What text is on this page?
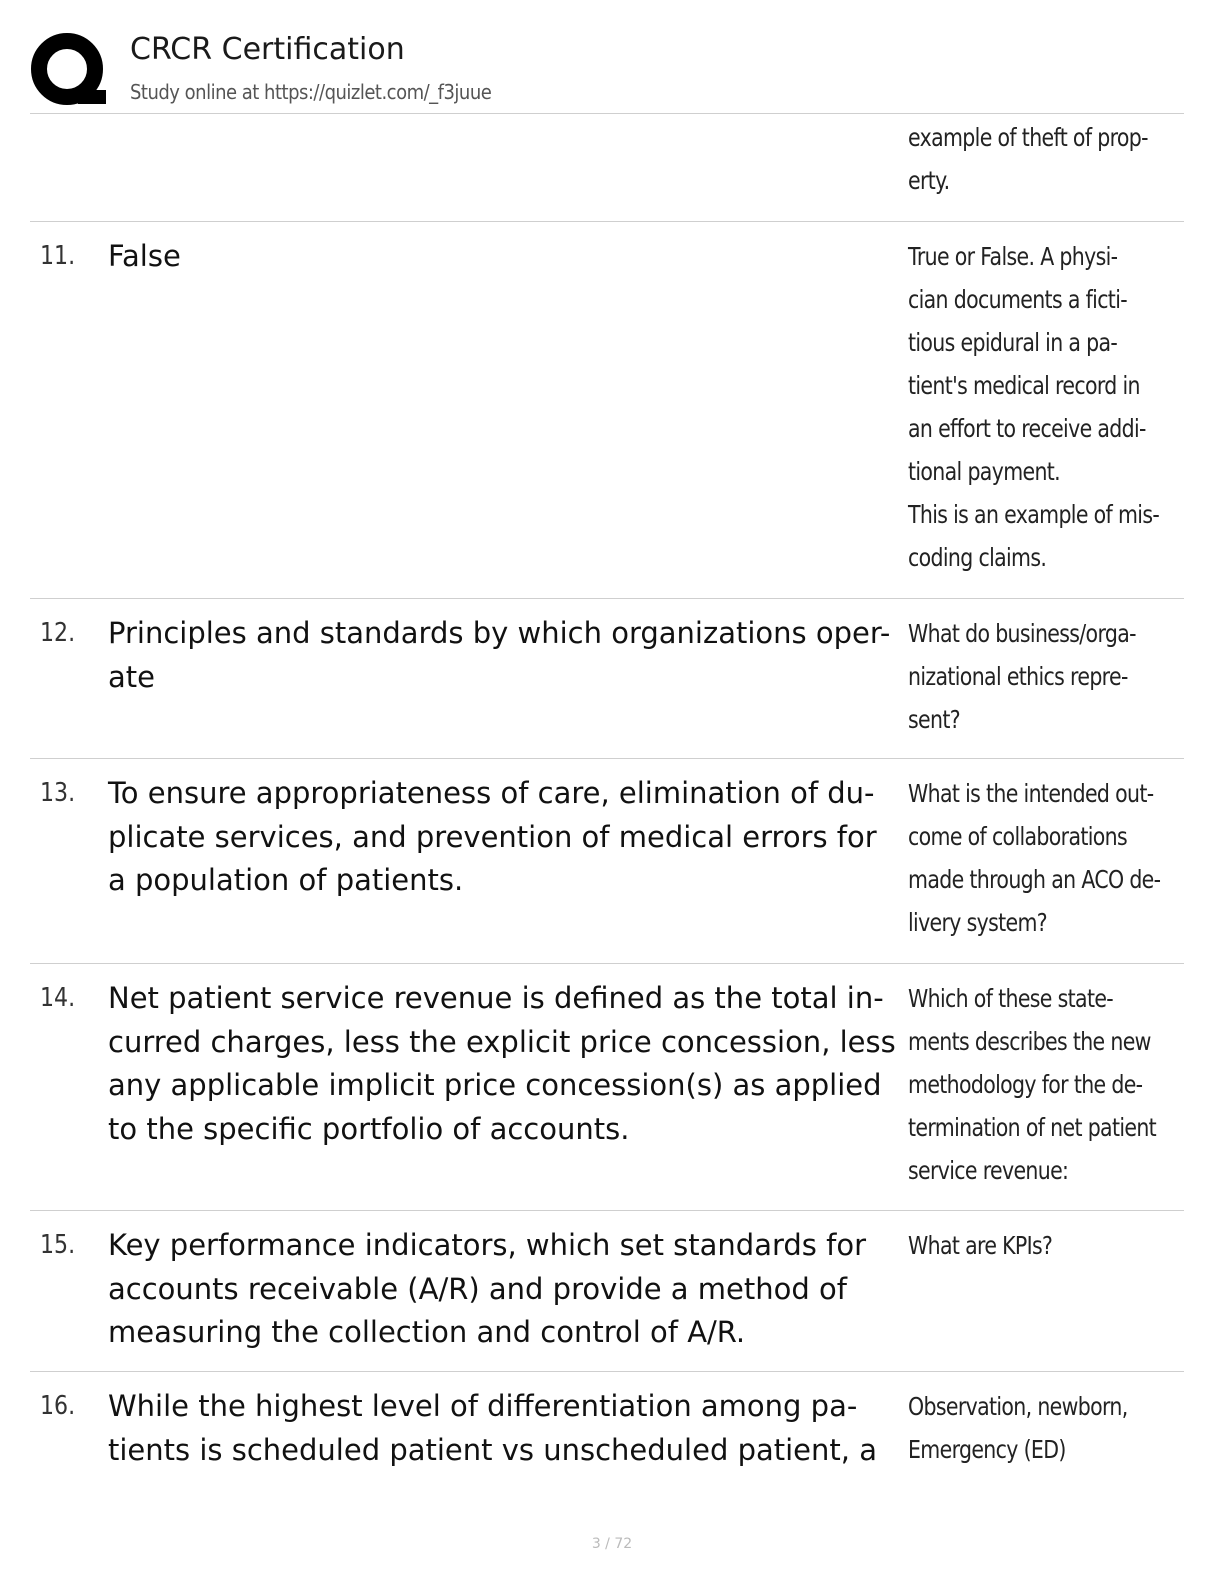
CRCR Certification
Study online at https://quizlet.com/_f3juue
example of theft of prop-
erty.
11. False	True or False. A physi-
cian documents a ficti-
tious epidural in a pa-
tient's medical record in
an effort to receive addi-
tional payment.
This is an example of mis-
coding claims.
12. Principles and standards by which organizations oper- ate
What do business/orga-
nizational ethics repre-
sent?
13. To ensure appropriateness of care, elimination of du- plicate services, and prevention of medical errors for a population of patients.
What is the intended out-
come of collaborations
made through an ACO de-
livery system?
14. Net patient service revenue is defined as the total in- curred charges, less the explicit price concession, less any applicable implicit price concession(s) as applied to the specific portfolio of accounts.
Which of these state-
ments describes the new
methodology for the de-
termination of net patient
service revenue:
15. Key performance indicators, which set standards for accounts receivable (A/R) and provide a method of measuring the collection and control of A/R.
What are KPIs?
16. While the highest level of differentiation among pa- tients is scheduled patient vs unscheduled patient, a
Observation, newborn,
Emergency (ED)
3 / 72
